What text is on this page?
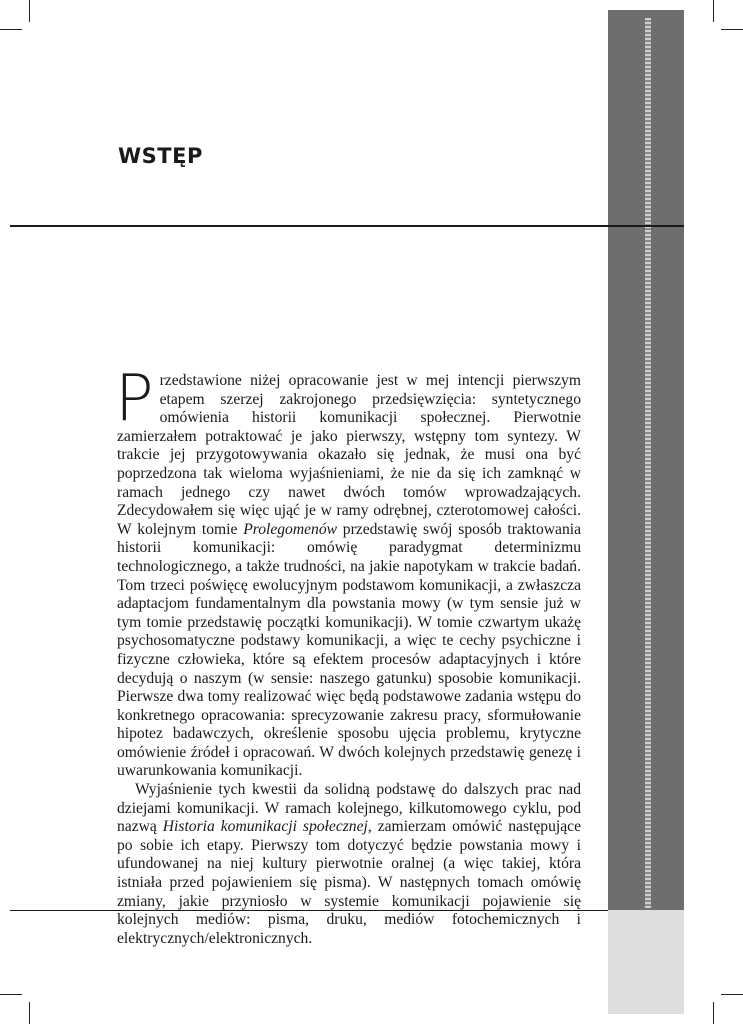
WSTĘP

Przedstawione niżej opracowanie jest w mej intencji pierwszym etapem szerzej zakrojonego przedsięwzięcia: syntetycznego omówienia historii komunikacji społecznej. Pierwotnie zamierzałem potraktować je jako pierwszy, wstępny tom syntezy. W trakcie jej przygotowywania okazało się jednak, że musi ona być poprzedzona tak wieloma wyjaśnieniami, że nie da się ich zamknąć w ramach jednego czy nawet dwóch tomów wprowadzających. Zdecydowałem się więc ująć je w ramy odrębnej, czterotomowej całości. W kolejnym tomie Prolegomenów przedstawię swój sposób traktowania historii komunikacji: omówię paradygmat determinizmu technologicznego, a także trudności, na jakie napotykam w trakcie badań. Tom trzeci poświęcę ewolucyjnym podstawom komunikacji, a zwłaszcza adaptacjom fundamentalnym dla powstania mowy (w tym sensie już w tym tomie przedstawię początki komunikacji). W tomie czwartym ukażę psychosomatyczne podstawy komunikacji, a więc te cechy psychiczne i fizyczne człowieka, które są efektem procesów adaptacyjnych i które decydują o naszym (w sensie: naszego gatunku) sposobie komunikacji. Pierwsze dwa tomy realizować więc będą podstawowe zadania wstępu do konkretnego opracowania: sprecyzowanie zakresu pracy, sformułowanie hipotez badawczych, określenie sposobu ujęcia problemu, krytyczne omówienie źródeł i opracowań. W dwóch kolejnych przedstawię genezę i uwarunkowania komunikacji.

Wyjaśnienie tych kwestii da solidną podstawę do dalszych prac nad dziejami komunikacji. W ramach kolejnego, kilkutomowego cyklu, pod nazwą Historia komunikacji społecznej, zamierzam omówić następujące po sobie ich etapy. Pierwszy tom dotyczyć będzie powstania mowy i ufundowanej na niej kultury pierwotnie oralnej (a więc takiej, która istniała przed pojawieniem się pisma). W następnych tomach omówię zmiany, jakie przyniosło w systemie komunikacji pojawienie się kolejnych mediów: pisma, druku, mediów fotochemicznych i elektrycznych/elektronicznych.
